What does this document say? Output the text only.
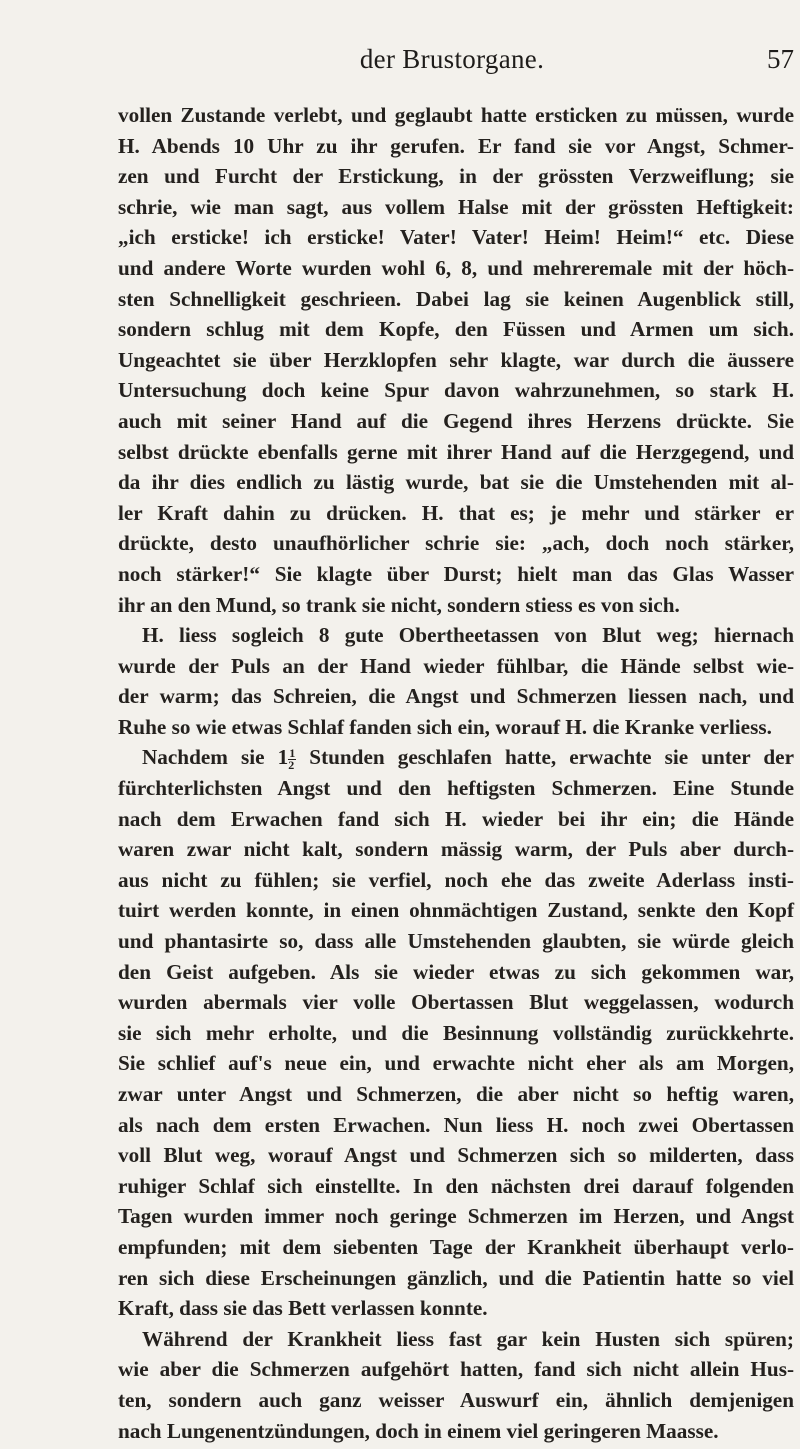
der Brustorgane.	57

vollen Zustande verlebt, und geglaubt hatte ersticken zu müssen, wurde
H. Abends 10 Uhr zu ihr gerufen. Er fand sie vor Angst, Schmer-
zen und Furcht der Erstickung, in der grössten Verzweiflung; sie
schrie, wie man sagt, aus vollem Halse mit der grössten Heftigkeit:
„ich ersticke! ich ersticke! Vater! Vater! Heim! Heim!“ etc. Diese
und andere Worte wurden wohl 6, 8, und mehreremale mit der höch-
sten Schnelligkeit geschrieen. Dabei lag sie keinen Augenblick still,
sondern schlug mit dem Kopfe, den Füssen und Armen um sich.
Ungeachtet sie über Herzklopfen sehr klagte, war durch die äussere
Untersuchung doch keine Spur davon wahrzunehmen, so stark H.
auch mit seiner Hand auf die Gegend ihres Herzens drückte. Sie
selbst drückte ebenfalls gerne mit ihrer Hand auf die Herzgegend, und
da ihr dies endlich zu lästig wurde, bat sie die Umstehenden mit al-
ler Kraft dahin zu drücken. H. that es; je mehr und stärker er
drückte, desto unaufhörlicher schrie sie: „ach, doch noch stärker,
noch stärker!“ Sie klagte über Durst; hielt man das Glas Wasser
ihr an den Mund, so trank sie nicht, sondern stiess es von sich.

H. liess sogleich 8 gute Obertheetassen von Blut weg; hiernach
wurde der Puls an der Hand wieder fühlbar, die Hände selbst wie-
der warm; das Schreien, die Angst und Schmerzen liessen nach, und
Ruhe so wie etwas Schlaf fanden sich ein, worauf H. die Kranke verliess.

Nachdem sie $1 \frac{1}{2}$ Stunden geschlafen hatte, erwachte sie unter der
fürchterlichsten Angst und den heftigsten Schmerzen. Eine Stunde
nach dem Erwachen fand sich H. wieder bei ihr ein; die Hände
waren zwar nicht kalt, sondern mässig warm, der Puls aber durch-
aus nicht zu fühlen; sie verfiel, noch ehe das zweite Aderlass insti-
tuirt werden konnte, in einen ohnmächtigen Zustand, senkte den Kopf
und phantasirte so, dass alle Umstehenden glaubten, sie würde gleich
den Geist aufgeben. Als sie wieder etwas zu sich gekommen war,
wurden abermals vier volle Obertassen Blut weggelassen, wodurch
sie sich mehr erholte, und die Besinnung vollständig zurückkehrte.
Sie schlief auf's neue ein, und erwachte nicht eher als am Morgen,
zwar unter Angst und Schmerzen, die aber nicht so heftig waren,
als nach dem ersten Erwachen. Nun liess H. noch zwei Obertassen
voll Blut weg, worauf Angst und Schmerzen sich so milderten, dass
ruhiger Schlaf sich einstellte. In den nächsten drei darauf folgenden
Tagen wurden immer noch geringe Schmerzen im Herzen, und Angst
empfunden; mit dem siebenten Tage der Krankheit überhaupt verlo-
ren sich diese Erscheinungen gänzlich, und die Patientin hatte so viel
Kraft, dass sie das Bett verlassen konnte.

Während der Krankheit liess fast gar kein Husten sich spüren;
wie aber die Schmerzen aufgehört hatten, fand sich nicht allein Hus-
ten, sondern auch ganz weisser Auswurf ein, ähnlich demjenigen
nach Lungenentzündungen, doch in einem viel geringeren Maasse.
